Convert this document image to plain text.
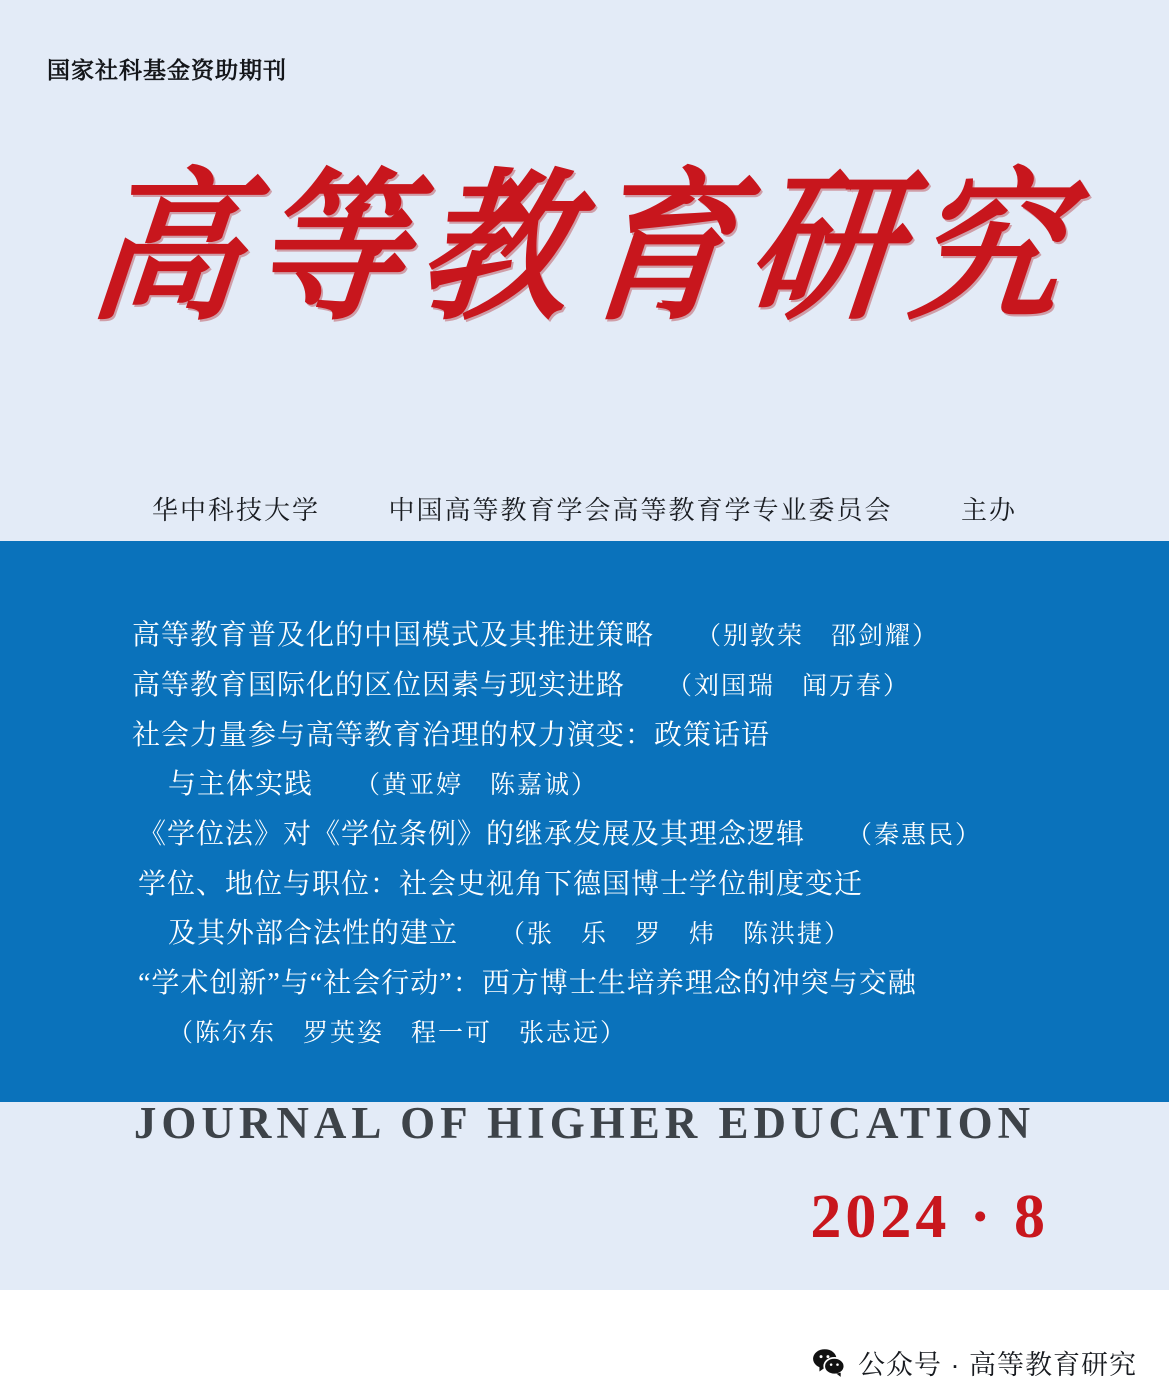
国家社科基金资助期刊
高等教育研究
华中科技大学	中国高等教育学会高等教育学专业委员会	主办
高等教育普及化的中国模式及其推进策略 （别敦荣　邵剑耀）
高等教育国际化的区位因素与现实进路 （刘国瑞　闻万春）
社会力量参与高等教育治理的权力演变：政策话语
与主体实践 （黄亚婷　陈嘉诚）
《学位法》对《学位条例》的继承发展及其理念逻辑 （秦惠民）
学位、地位与职位：社会史视角下德国博士学位制度变迁
及其外部合法性的建立 （张　乐　罗　炜　陈洪捷）
“学术创新”与“社会行动”：西方博士生培养理念的冲突与交融
（陈尔东　罗英姿　程一可　张志远）
JOURNAL OF HIGHER EDUCATION
2024 · 8
公众号 · 高等教育研究
